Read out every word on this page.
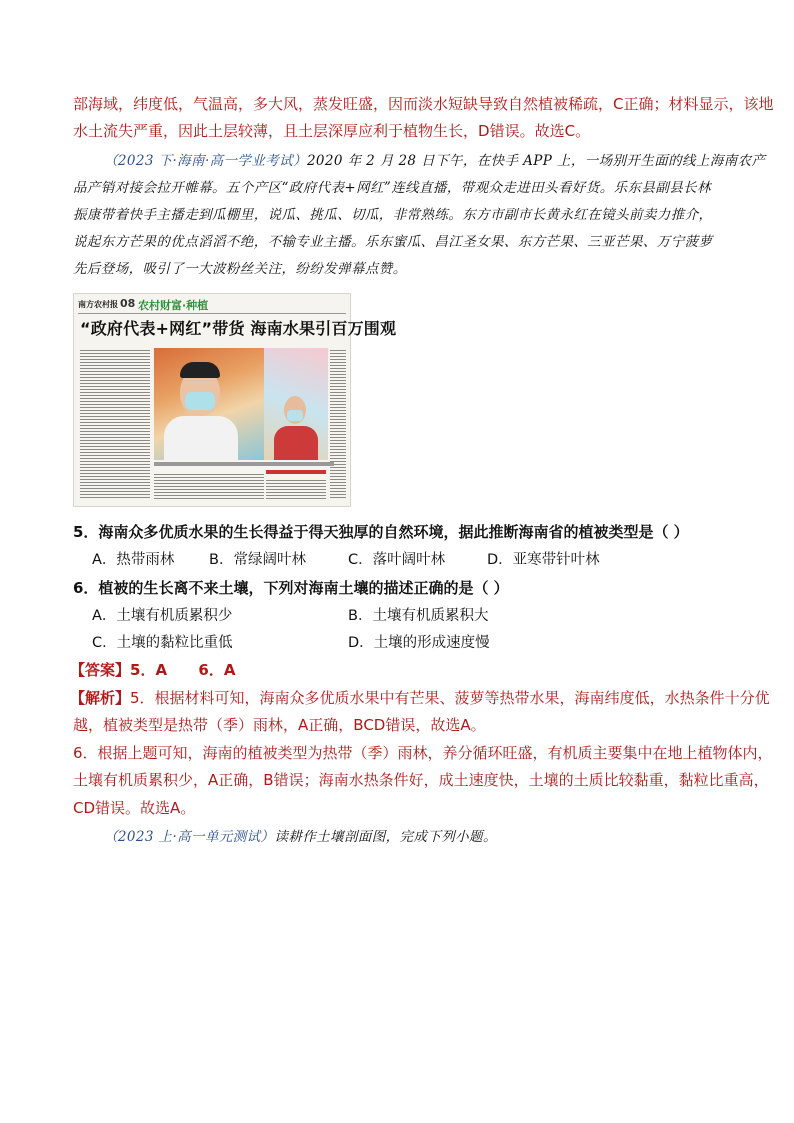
部海域，纬度低，气温高，多大风，蒸发旺盛，因而淡水短缺导致自然植被稀疏，C正确；材料显示，该地
水土流失严重，因此土层较薄，且土层深厚应利于植物生长，D错误。故选C。
（2023 下·海南·高一学业考试）2020 年 2 月 28 日下午，在快手 APP 上，一场别开生面的线上海南农产
品产销对接会拉开帷幕。五个产区“政府代表+网红”连线直播，带观众走进田头看好货。乐东县副县长林
振康带着快手主播走到瓜棚里，说瓜、挑瓜、切瓜，非常熟练。东方市副市长黄永红在镜头前卖力推介，
说起东方芒果的优点滔滔不绝，不输专业主播。乐东蜜瓜、昌江圣女果、东方芒果、三亚芒果、万宁菠萝
先后登场，吸引了一大波粉丝关注，纷纷发弹幕点赞。
南方农村报 08 农村财富·种植
“政府代表+网红”带货 海南水果引百万围观
5．海南众多优质水果的生长得益于得天独厚的自然环境，据此推断海南省的植被类型是（ ）
A．热带雨林 B．常绿阔叶林	C．落叶阔叶林	D．亚寒带针叶林
6．植被的生长离不来土壤，下列对海南土壤的描述正确的是（ ）
A．土壤有机质累积少	B．土壤有机质累积大
C．土壤的黏粒比重低	D．土壤的形成速度慢
【答案】5．A      6．A
【解析】5．根据材料可知，海南众多优质水果中有芒果、菠萝等热带水果，海南纬度低，水热条件十分优
越，植被类型是热带（季）雨林，A正确，BCD错误，故选A。
6．根据上题可知，海南的植被类型为热带（季）雨林，养分循环旺盛，有机质主要集中在地上植物体内，
土壤有机质累积少，A正确，B错误；海南水热条件好，成土速度快，土壤的土质比较黏重，黏粒比重高，
CD错误。故选A。
（2023 上·高一单元测试）读耕作土壤剖面图，完成下列小题。
